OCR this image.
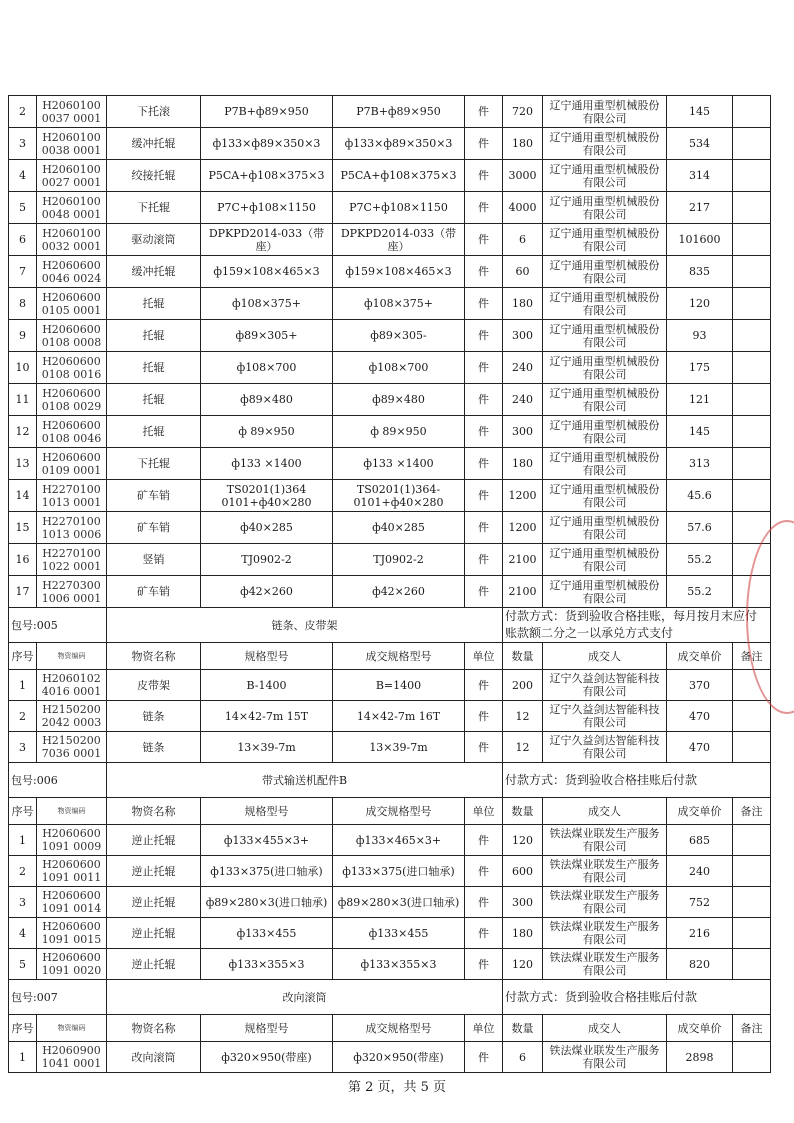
2	H20601000037 0001	下托滚	P7B+ф89×950	P7B+ф89×950	件	720	辽宁通用重型机械股份有限公司	145	
3	H20601000038 0001	缓冲托辊	ф133×ф89×350×3	ф133×ф89×350×3	件	180	辽宁通用重型机械股份有限公司	534	
4	H20601000027 0001	绞接托辊	P5CA+ф108×375×3	P5CA+ф108×375×3	件	3000	辽宁通用重型机械股份有限公司	314	
5	H20601000048 0001	下托辊	P7C+ф108×1150	P7C+ф108×1150	件	4000	辽宁通用重型机械股份有限公司	217	
6	H20601000032 0001	驱动滚筒	DPKPD2014-033（带座）	DPKPD2014-033（带座）	件	6	辽宁通用重型机械股份有限公司	101600	
7	H20606000046 0024	缓冲托辊	ф159×108×465×3	ф159×108×465×3	件	60	辽宁通用重型机械股份有限公司	835	
8	H20606000105 0001	托辊	ф108×375+	ф108×375+	件	180	辽宁通用重型机械股份有限公司	120	
9	H20606000108 0008	托辊	ф89×305+	ф89×305-	件	300	辽宁通用重型机械股份有限公司	93	
10	H20606000108 0016	托辊	ф108×700	ф108×700	件	240	辽宁通用重型机械股份有限公司	175	
11	H20606000108 0029	托辊	ф89×480	ф89×480	件	240	辽宁通用重型机械股份有限公司	121	
12	H20606000108 0046	托辊	ф 89×950	ф 89×950	件	300	辽宁通用重型机械股份有限公司	145	
13	H20606000109 0001	下托辊	ф133 ×1400	ф133 ×1400	件	180	辽宁通用重型机械股份有限公司	313	
14	H22701001013 0001	矿车销	TS0201(1)364 0101+ф40×280	TS0201(1)364-0101+ф40×280	件	1200	辽宁通用重型机械股份有限公司	45.6	
15	H22701001013 0006	矿车销	ф40×285	ф40×285	件	1200	辽宁通用重型机械股份有限公司	57.6	
16	H22701001022 0001	竖销	TJ0902-2	TJ0902-2	件	2100	辽宁通用重型机械股份有限公司	55.2	
17	H22703001006 0001	矿车销	ф42×260	ф42×260	件	2100	辽宁通用重型机械股份有限公司	55.2	
包号:005		链条、皮带架				付款方式：货到验收合格挂账，每月按月末应付账款额二分之一以承兑方式支付			
序号	物资编码	物资名称	规格型号	成交规格型号	单位	数量	成交人	成交单价	备注
1	H20601024016 0001	皮带架	B-1400	B=1400	件	200	辽宁久益剑达智能科技有限公司	370	
2	H21502002042 0003	链条	14×42-7m 15T	14×42-7m 16T	件	12	辽宁久益剑达智能科技有限公司	470	
3	H21502007036 0001	链条	13×39-7m	13×39-7m	件	12	辽宁久益剑达智能科技有限公司	470	
包号:006		带式输送机配件B				付款方式：货到验收合格挂账后付款			
序号	物资编码	物资名称	规格型号	成交规格型号	单位	数量	成交人	成交单价	备注
1	H20606001091 0009	逆止托辊	ф133×455×3+	ф133×465×3+	件	120	铁法煤业联发生产服务有限公司	685	
2	H20606001091 0011	逆止托辊	ф133×375(进口轴承)	ф133×375(进口轴承)	件	600	铁法煤业联发生产服务有限公司	240	
3	H20606001091 0014	逆止托辊	ф89×280×3(进口轴承)	ф89×280×3(进口轴承)	件	300	铁法煤业联发生产服务有限公司	752	
4	H20606001091 0015	逆止托辊	ф133×455	ф133×455	件	180	铁法煤业联发生产服务有限公司	216	
5	H20606001091 0020	逆止托辊	ф133×355×3	ф133×355×3	件	120	铁法煤业联发生产服务有限公司	820	
包号:007		改向滚筒				付款方式：货到验收合格挂账后付款			
序号	物资编码	物资名称	规格型号	成交规格型号	单位	数量	成交人	成交单价	备注
1	H20609001041 0001	改向滚筒	ф320×950(带座)	ф320×950(带座)	件	6	铁法煤业联发生产服务有限公司	2898	
第 2 页，共 5 页
